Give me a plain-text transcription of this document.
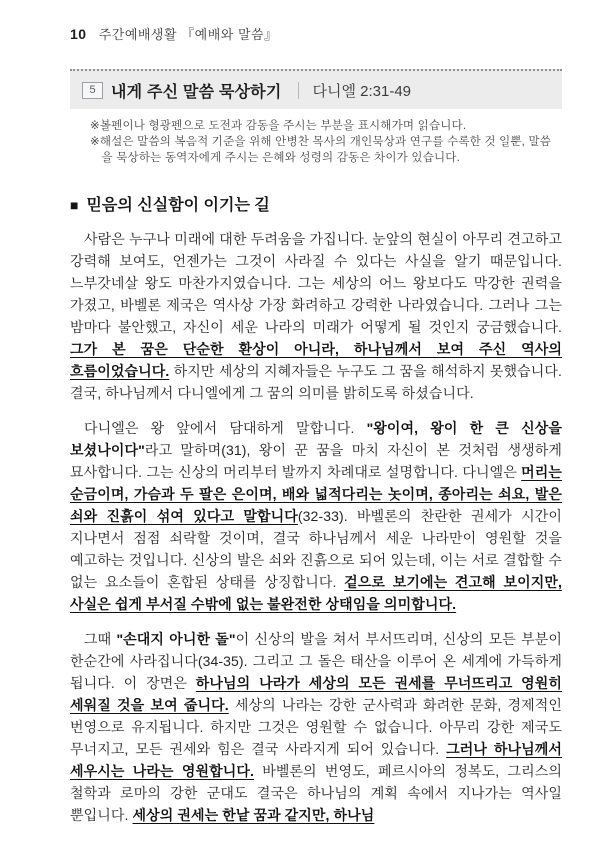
10 주간예배생활 『예배와 말씀』
5 내게 주신 말씀 묵상하기 다니엘 2:31-49
※볼펜이나 형광펜으로 도전과 감동을 주시는 부분을 표시해가며 읽습니다.
※해설은 말씀의 복음적 기준을 위해 안병찬 목사의 개인묵상과 연구를 수록한 것 일뿐, 말씀을 묵상하는 동역자에게 주시는 은혜와 성령의 감동은 차이가 있습니다.
■ 믿음의 신실함이 이기는 길

사람은 누구나 미래에 대한 두려움을 가집니다. 눈앞의 현실이 아무리 견고하고 강력해 보여도, 언젠가는 그것이 사라질 수 있다는 사실을 알기 때문입니다. 느부갓네살 왕도 마찬가지였습니다. 그는 세상의 어느 왕보다도 막강한 권력을 가졌고, 바벨론 제국은 역사상 가장 화려하고 강력한 나라였습니다. 그러나 그는 밤마다 불안했고, 자신이 세운 나라의 미래가 어떻게 될 것인지 궁금했습니다. 그가 본 꿈은 단순한 환상이 아니라, 하나님께서 보여 주신 역사의 흐름이었습니다. 하지만 세상의 지혜자들은 누구도 그 꿈을 해석하지 못했습니다. 결국, 하나님께서 다니엘에게 그 꿈의 의미를 밝히도록 하셨습니다.

다니엘은 왕 앞에서 담대하게 말합니다. "왕이여, 왕이 한 큰 신상을 보셨나이다"라고 말하며(31), 왕이 꾼 꿈을 마치 자신이 본 것처럼 생생하게 묘사합니다. 그는 신상의 머리부터 발까지 차례대로 설명합니다. 다니엘은 머리는 순금이며, 가슴과 두 팔은 은이며, 배와 넓적다리는 놋이며, 종아리는 쇠요, 발은 쇠와 진흙이 섞여 있다고 말합니다(32-33). 바벨론의 찬란한 권세가 시간이 지나면서 점점 쇠락할 것이며, 결국 하나님께서 세운 나라만이 영원할 것을 예고하는 것입니다. 신상의 발은 쇠와 진흙으로 되어 있는데, 이는 서로 결합할 수 없는 요소들이 혼합된 상태를 상징합니다. 겉으로 보기에는 견고해 보이지만, 사실은 쉽게 부서질 수밖에 없는 불완전한 상태임을 의미합니다.

그때 "손대지 아니한 돌"이 신상의 발을 쳐서 부서뜨리며, 신상의 모든 부분이 한순간에 사라집니다(34-35). 그리고 그 돌은 태산을 이루어 온 세계에 가득하게 됩니다. 이 장면은 하나님의 나라가 세상의 모든 권세를 무너뜨리고 영원히 세워질 것을 보여 줍니다. 세상의 나라는 강한 군사력과 화려한 문화, 경제적인 번영으로 유지됩니다. 하지만 그것은 영원할 수 없습니다. 아무리 강한 제국도 무너지고, 모든 권세와 힘은 결국 사라지게 되어 있습니다. 그러나 하나님께서 세우시는 나라는 영원합니다. 바벨론의 번영도, 페르시아의 정복도, 그리스의 철학과 로마의 강한 군대도 결국은 하나님의 계획 속에서 지나가는 역사일 뿐입니다. 세상의 권세는 한낱 꿈과 같지만, 하나님
